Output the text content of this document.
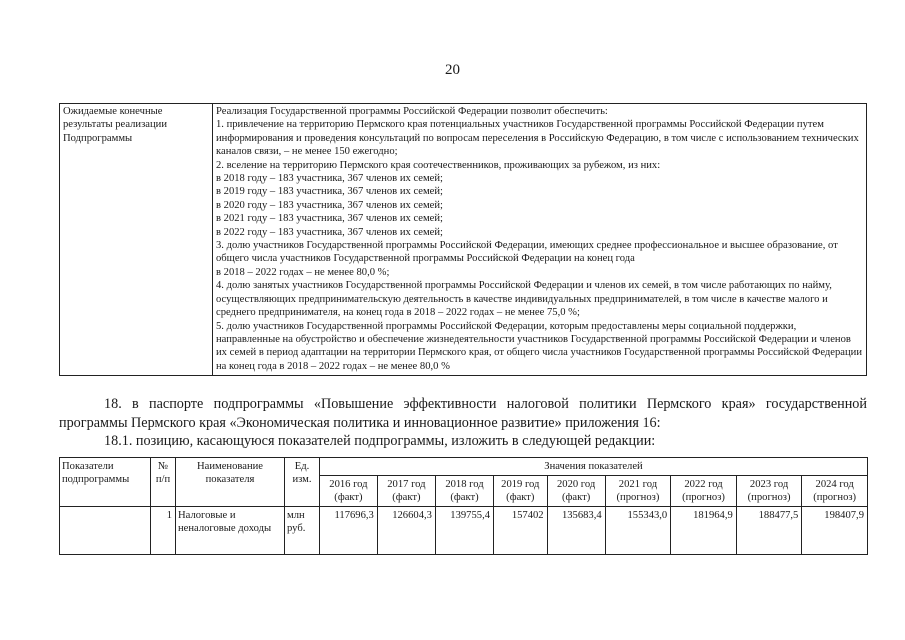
20
Ожидаемые конечные результаты реализации Подпрограммы	
Реализация Государственной программы Российской Федерации позволит обеспечить:
1. привлечение на территорию Пермского края потенциальных участников Государственной программы Российской Федерации путем информирования и проведения консультаций по вопросам переселения в Российскую Федерацию, в том числе с использованием технических каналов связи, – не менее 150 ежегодно;
2. вселение на территорию Пермского края соотечественников, проживающих за рубежом, из них:
в 2018 году – 183 участника, 367 членов их семей;
в 2019 году – 183 участника, 367 членов их семей;
в 2020 году – 183 участника, 367 членов их семей;
в 2021 году – 183 участника, 367 членов их семей;
в 2022 году – 183 участника, 367 членов их семей;
3. долю участников Государственной программы Российской Федерации, имеющих среднее профессиональное и высшее образование, от общего числа участников Государственной программы Российской Федерации на конец года
в 2018 – 2022 годах – не менее 80,0 %;
4. долю занятых участников Государственной программы Российской Федерации и членов их семей, в том числе работающих по найму, осуществляющих предпринимательскую деятельность в качестве индивидуальных предпринимателей, в том числе в качестве малого и среднего предпринимателя, на конец года в 2018 – 2022 годах – не менее 75,0 %;
5. долю участников Государственной программы Российской Федерации, которым предоставлены меры социальной поддержки, направленные на обустройство и обеспечение жизнедеятельности участников Государственной программы Российской Федерации и членов их семей в период адаптации на территории Пермского края, от общего числа участников Государственной программы Российской Федерации на конец года в 2018 – 2022 годах – не менее 80,0 %
18. в паспорте подпрограммы «Повышение эффективности налоговой политики Пермского края» государственной программы Пермского края «Экономическая политика и инновационное развитие» приложения 16:
18.1. позицию, касающуюся показателей подпрограммы, изложить в следующей редакции:
Показатели подпрограммы	№ п/п	Наименование показателя	Ед. изм.	Значения показателей								
				2016 год (факт)	2017 год (факт)	2018 год (факт)	2019 год (факт)	2020 год (факт)	2021 год (прогноз)	2022 год (прогноз)	2023 год (прогноз)	2024 год (прогноз)
	1	Налоговые и неналоговые доходы	млн руб.	117696,3	126604,3	139755,4	157402	135683,4	155343,0	181964,9	188477,5	198407,9
